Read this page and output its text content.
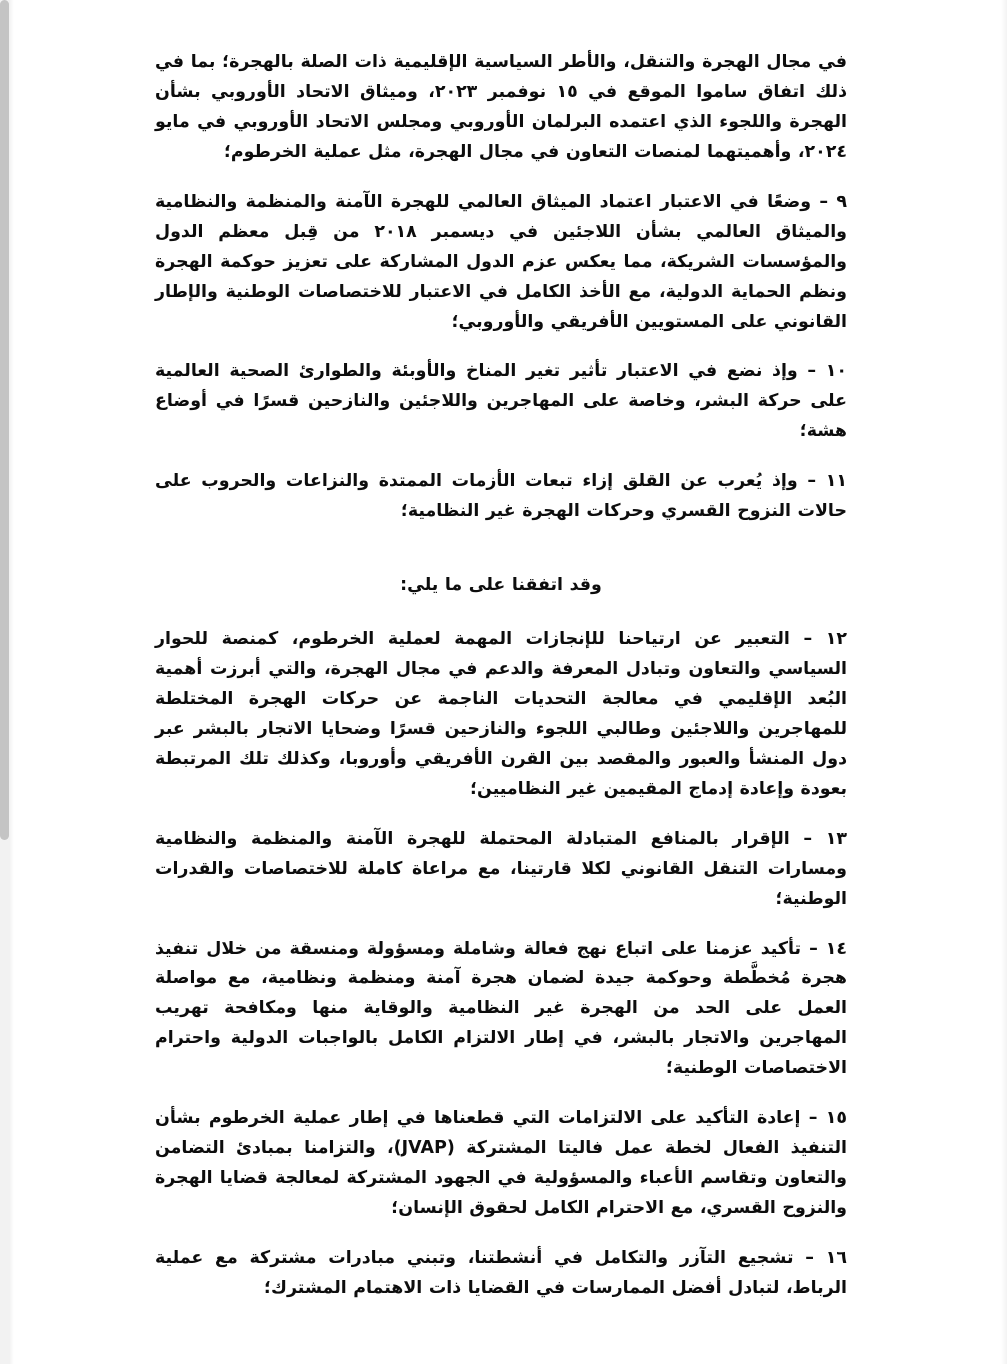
في مجال الهجرة والتنقل، والأطر السياسية الإقليمية ذات الصلة بالهجرة؛ بما في ذلك اتفاق ساموا الموقع في ١٥ نوفمبر ٢٠٢٣، وميثاق الاتحاد الأوروبي بشأن الهجرة واللجوء الذي اعتمده البرلمان الأوروبي ومجلس الاتحاد الأوروبي في مايو ٢٠٢٤، وأهميتهما لمنصات التعاون في مجال الهجرة، مثل عملية الخرطوم؛

٩ – وضعًا في الاعتبار اعتماد الميثاق العالمي للهجرة الآمنة والمنظمة والنظامية والميثاق العالمي بشأن اللاجئين في ديسمبر ٢٠١٨ من قِبل معظم الدول والمؤسسات الشريكة، مما يعكس عزم الدول المشاركة على تعزيز حوكمة الهجرة ونظم الحماية الدولية، مع الأخذ الكامل في الاعتبار للاختصاصات الوطنية والإطار القانوني على المستويين الأفريقي والأوروبي؛

١٠ – وإذ نضع في الاعتبار تأثير تغير المناخ والأوبئة والطوارئ الصحية العالمية على حركة البشر، وخاصة على المهاجرين واللاجئين والنازحين قسرًا في أوضاع هشة؛

١١ – وإذ يُعرب عن القلق إزاء تبعات الأزمات الممتدة والنزاعات والحروب على حالات النزوح القسري وحركات الهجرة غير النظامية؛

وقد اتفقنا على ما يلي:

١٢ – التعبير عن ارتياحنا للإنجازات المهمة لعملية الخرطوم، كمنصة للحوار السياسي والتعاون وتبادل المعرفة والدعم في مجال الهجرة، والتي أبرزت أهمية البُعد الإقليمي في معالجة التحديات الناجمة عن حركات الهجرة المختلطة للمهاجرين واللاجئين وطالبي اللجوء والنازحين قسرًا وضحايا الاتجار بالبشر عبر دول المنشأ والعبور والمقصد بين القرن الأفريقي وأوروبا، وكذلك تلك المرتبطة بعودة وإعادة إدماج المقيمين غير النظاميين؛

١٣ – الإقرار بالمنافع المتبادلة المحتملة للهجرة الآمنة والمنظمة والنظامية ومسارات التنقل القانوني لكلا قارتينا، مع مراعاة كاملة للاختصاصات والقدرات الوطنية؛

١٤ – تأكيد عزمنا على اتباع نهج فعالة وشاملة ومسؤولة ومنسقة من خلال تنفيذ هجرة مُخطَّطة وحوكمة جيدة لضمان هجرة آمنة ومنظمة ونظامية، مع مواصلة العمل على الحد من الهجرة غير النظامية والوقاية منها ومكافحة تهريب المهاجرين والاتجار بالبشر، في إطار الالتزام الكامل بالواجبات الدولية واحترام الاختصاصات الوطنية؛

١٥ – إعادة التأكيد على الالتزامات التي قطعناها في إطار عملية الخرطوم بشأن التنفيذ الفعال لخطة عمل فاليتا المشتركة (JVAP)، والتزامنا بمبادئ التضامن والتعاون وتقاسم الأعباء والمسؤولية في الجهود المشتركة لمعالجة قضايا الهجرة والنزوح القسري، مع الاحترام الكامل لحقوق الإنسان؛

١٦ – تشجيع التآزر والتكامل في أنشطتنا، وتبني مبادرات مشتركة مع عملية الرباط، لتبادل أفضل الممارسات في القضايا ذات الاهتمام المشترك؛
